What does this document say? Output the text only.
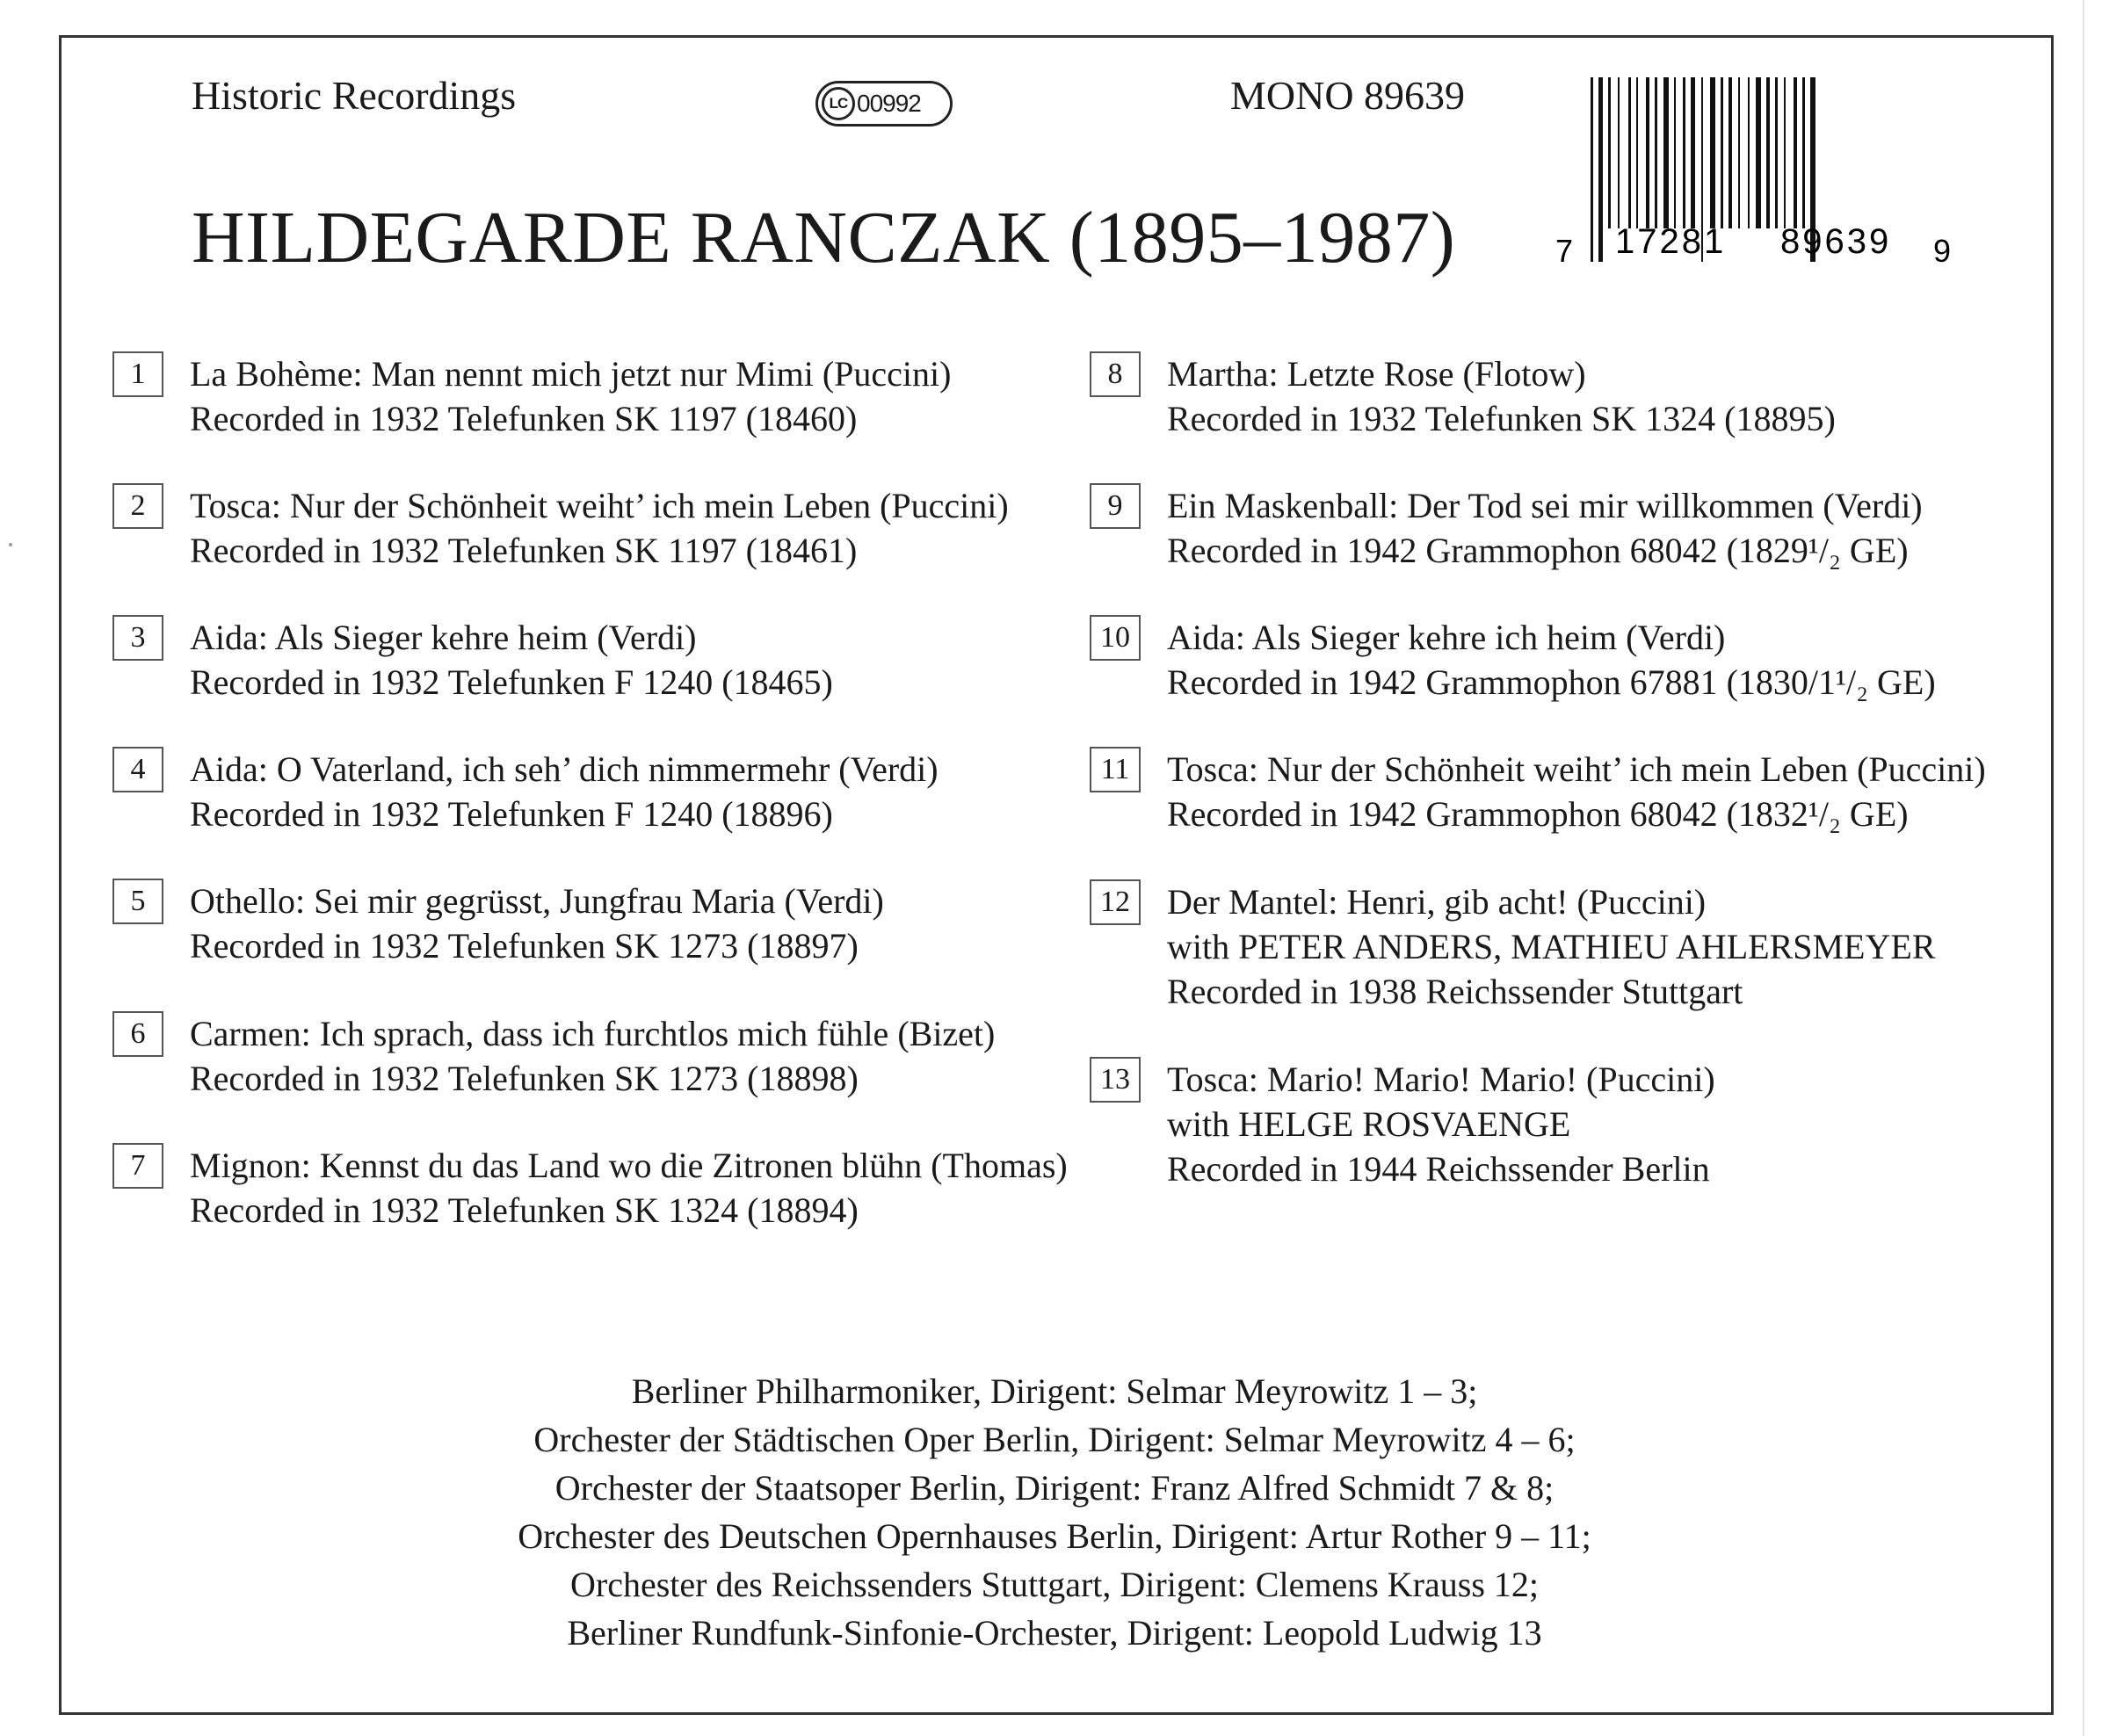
Historic Recordings	LC 00992	MONO 89639
HILDEGARDE RANCZAK (1895–1987)	7 17281 89639 9
1	La Bohème: Man nennt mich jetzt nur Mimi (Puccini)
Recorded in 1932 Telefunken SK 1197 (18460)
2	Tosca: Nur der Schönheit weiht’ ich mein Leben (Puccini)
Recorded in 1932 Telefunken SK 1197 (18461)
3	Aida: Als Sieger kehre heim (Verdi)
Recorded in 1932 Telefunken F 1240 (18465)
4	Aida: O Vaterland, ich seh’ dich nimmermehr (Verdi)
Recorded in 1932 Telefunken F 1240 (18896)
5	Othello: Sei mir gegrüsst, Jungfrau Maria (Verdi)
Recorded in 1932 Telefunken SK 1273 (18897)
6	Carmen: Ich sprach, dass ich furchtlos mich fühle (Bizet)
Recorded in 1932 Telefunken SK 1273 (18898)
7	Mignon: Kennst du das Land wo die Zitronen blühn (Thomas)
Recorded in 1932 Telefunken SK 1324 (18894)
8	Martha: Letzte Rose (Flotow)
Recorded in 1932 Telefunken SK 1324 (18895)
9	Ein Maskenball: Der Tod sei mir willkommen (Verdi)
Recorded in 1942 Grammophon 68042 (1829¹/₂ GE)
10	Aida: Als Sieger kehre ich heim (Verdi)
Recorded in 1942 Grammophon 67881 (1830/1¹/₂ GE)
11	Tosca: Nur der Schönheit weiht’ ich mein Leben (Puccini)
Recorded in 1942 Grammophon 68042 (1832¹/₂ GE)
12	Der Mantel: Henri, gib acht! (Puccini)
with PETER ANDERS, MATHIEU AHLERSMEYER
Recorded in 1938 Reichssender Stuttgart
13	Tosca: Mario! Mario! Mario! (Puccini)
with HELGE ROSVAENGE
Recorded in 1944 Reichssender Berlin
Berliner Philharmoniker, Dirigent: Selmar Meyrowitz 1 – 3;
Orchester der Städtischen Oper Berlin, Dirigent: Selmar Meyrowitz 4 – 6;
Orchester der Staatsoper Berlin, Dirigent: Franz Alfred Schmidt 7 & 8;
Orchester des Deutschen Opernhauses Berlin, Dirigent: Artur Rother 9 – 11;
Orchester des Reichssenders Stuttgart, Dirigent: Clemens Krauss 12;
Berliner Rundfunk-Sinfonie-Orchester, Dirigent: Leopold Ludwig 13
